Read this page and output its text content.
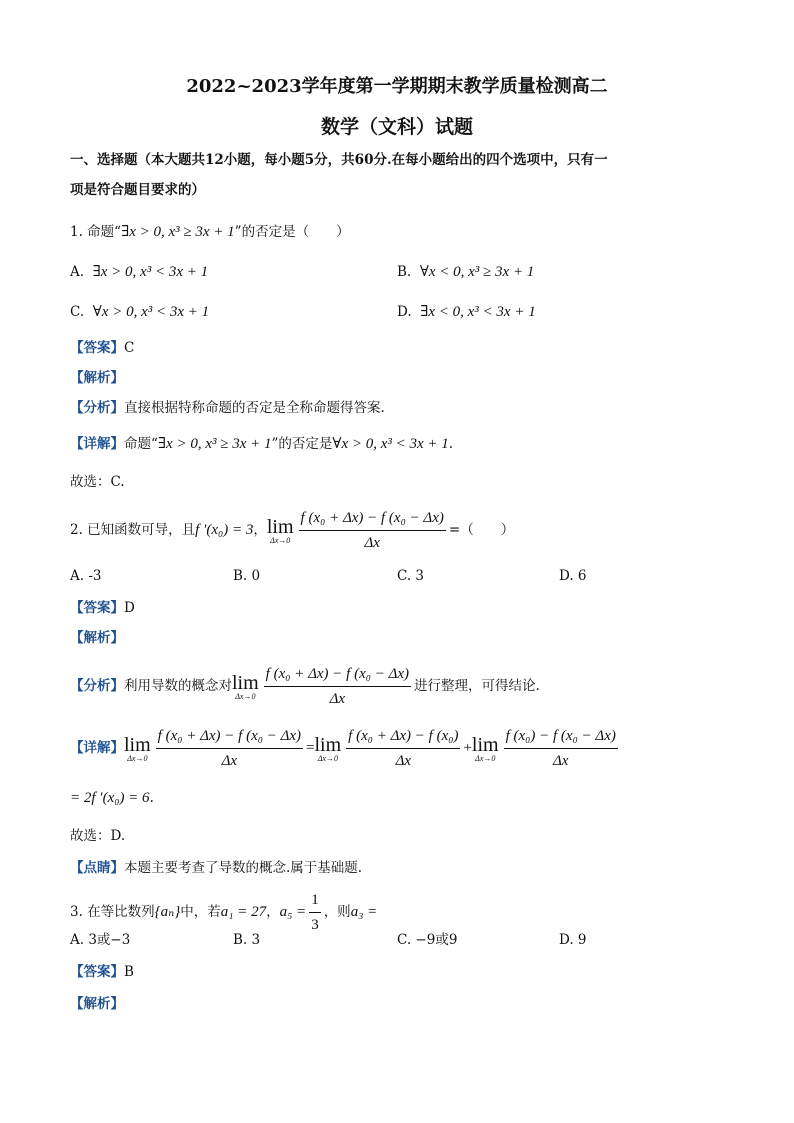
2022~2023学年度第一学期期末教学质量检测高二
数学（文科）试题
一、选择题（本大题共12小题，每小题5分，共60分.在每小题给出的四个选项中，只有一
项是符合题目要求的）
1. 命题“∃x > 0, x³ ≥ 3x + 1”的否定是（　　）
A. ∃x > 0, x³ < 3x + 1	B. ∀x < 0, x³ ≥ 3x + 1
C. ∀x > 0, x³ < 3x + 1	D. ∃x < 0, x³ < 3x + 1
【答案】C
【解析】
【分析】直接根据特称命题的否定是全称命题得答案.
【详解】命题“∃x > 0, x³ ≥ 3x + 1”的否定是∀x > 0, x³ < 3x + 1.
故选：C.
2. 已知函数可导，且f ′(x₀) = 3， lim
$\Delta x\to 0 \frac{\text{f (x₀ + Δx) − f (x₀ − Δx)}}{\Delta x}$ =（　　）
A. -3	B. 0	C. 3	D. 6
【答案】D
【解析】
【分析】利用导数的概念对 lim
$\Delta x\to 0 \frac{\text{f (x₀ + Δx) − f (x₀ − Δx)}}{\Delta x}$ 进行整理，可得结论.
【详解】 lim
$\Delta x\to 0 \frac{\text{f (x₀ + Δx) − f (x₀ − Δx)}}{\Delta x} = \lim$
$\Delta x\to 0 \frac{\text{f (x₀ + Δx) − f (x₀)}}{\Delta x} + \lim$
$\Delta x\to 0 \frac{\text{f (x₀) − f (x₀ − Δx)}}{\Delta x}$
= 2f ′(x₀) = 6.
故选：D.
【点睛】本题主要考查了导数的概念.属于基础题.
3. 在等比数列{aₙ}中，若a₁ = 27，$a_5 = \frac{1}{3}$ ，则a₃ =
A. 3或−3	B. 3	C. −9或9	D. 9
【答案】B
【解析】
